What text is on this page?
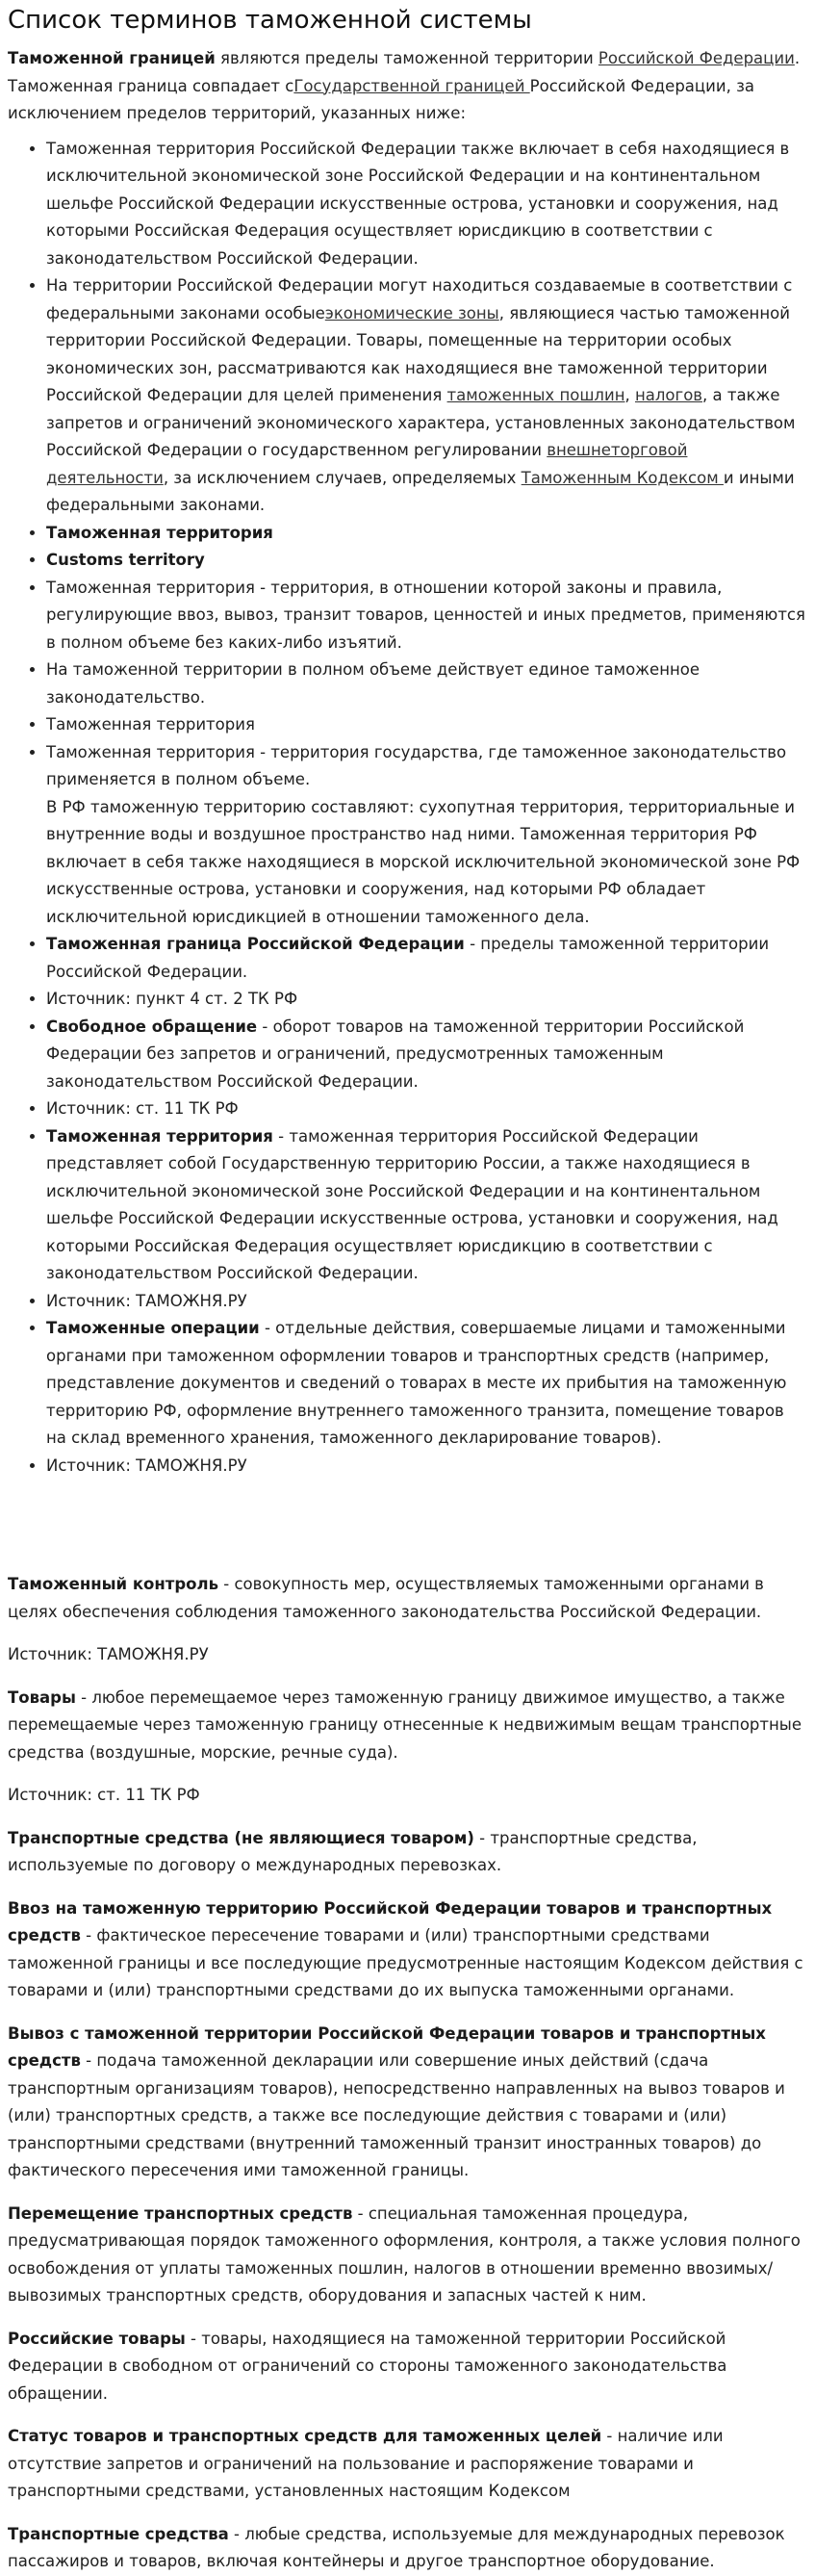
Список терминов таможенной системы

Таможенной границей являются пределы таможенной территории Российской Федерации. Таможенная граница совпадает сГосударственной границей Российской Федерации, за исключением пределов территорий, указанных ниже:

• Таможенная территория Российской Федерации также включает в себя находящиеся в исключительной экономической зоне Российской Федерации и на континентальном шельфе Российской Федерации искусственные острова, установки и сооружения, над которыми Российская Федерация осуществляет юрисдикцию в соответствии с законодательством Российской Федерации.
• На территории Российской Федерации могут находиться создаваемые в соответствии с федеральными законами особыеэкономические зоны, являющиеся частью таможенной территории Российской Федерации. Товары, помещенные на территории особых экономических зон, рассматриваются как находящиеся вне таможенной территории Российской Федерации для целей применения таможенных пошлин, налогов, а также запретов и ограничений экономического характера, установленных законодательством Российской Федерации о государственном регулировании внешнеторговой деятельности, за исключением случаев, определяемых Таможенным Кодексом и иными федеральными законами.
• Таможенная территория
• Customs territory
• Таможенная территория - территория, в отношении которой законы и правила, регулирующие ввоз, вывоз, транзит товаров, ценностей и иных предметов, применяются в полном объеме без каких-либо изъятий.
• На таможенной территории в полном объеме действует единое таможенное законодательство.
• Таможенная территория
• Таможенная территория - территория государства, где таможенное законодательство применяется в полном объеме.
В РФ таможенную территорию составляют: сухопутная территория, территориальные и внутренние воды и воздушное пространство над ними. Таможенная территория РФ включает в себя также находящиеся в морской исключительной экономической зоне РФ искусственные острова, установки и сооружения, над которыми РФ обладает исключительной юрисдикцией в отношении таможенного дела.
• Таможенная граница Российской Федерации - пределы таможенной территории Российской Федерации.
• Источник: пункт 4 ст. 2 ТК РФ
• Свободное обращение - оборот товаров на таможенной территории Российской Федерации без запретов и ограничений, предусмотренных таможенным законодательством Российской Федерации.
• Источник: ст. 11 ТК РФ
• Таможенная территория - таможенная территория Российской Федерации представляет собой Государственную территорию России, а также находящиеся в исключительной экономической зоне Российской Федерации и на континентальном шельфе Российской Федерации искусственные острова, установки и сооружения, над которыми Российская Федерация осуществляет юрисдикцию в соответствии с законодательством Российской Федерации.
• Источник: ТАМОЖНЯ.РУ
• Таможенные операции - отдельные действия, совершаемые лицами и таможенными органами при таможенном оформлении товаров и транспортных средств (например, представление документов и сведений о товарах в месте их прибытия на таможенную территорию РФ, оформление внутреннего таможенного транзита, помещение товаров на склад временного хранения, таможенного декларирование товаров).
• Источник: ТАМОЖНЯ.РУ

Таможенный контроль - совокупность мер, осуществляемых таможенными органами в целях обеспечения соблюдения таможенного законодательства Российской Федерации.

Источник: ТАМОЖНЯ.РУ

Товары - любое перемещаемое через таможенную границу движимое имущество, а также перемещаемые через таможенную границу отнесенные к недвижимым вещам транспортные средства (воздушные, морские, речные суда).

Источник: ст. 11 ТК РФ

Транспортные средства (не являющиеся товаром) - транспортные средства, используемые по договору о международных перевозках.

Ввоз на таможенную территорию Российской Федерации товаров и транспортных средств - фактическое пересечение товарами и (или) транспортными средствами таможенной границы и все последующие предусмотренные настоящим Кодексом действия с товарами и (или) транспортными средствами до их выпуска таможенными органами.

Вывоз с таможенной территории Российской Федерации товаров и транспортных средств - подача таможенной декларации или совершение иных действий (сдача транспортным организациям товаров), непосредственно направленных на вывоз товаров и (или) транспортных средств, а также все последующие действия с товарами и (или) транспортными средствами (внутренний таможенный транзит иностранных товаров) до фактического пересечения ими таможенной границы.

Перемещение транспортных средств - специальная таможенная процедура, предусматривающая порядок таможенного оформления, контроля, а также условия полного освобождения от уплаты таможенных пошлин, налогов в отношении временно ввозимых/вывозимых транспортных средств, оборудования и запасных частей к ним.

Российские товары - товары, находящиеся на таможенной территории Российской Федерации в свободном от ограничений со стороны таможенного законодательства обращении.

Статус товаров и транспортных средств для таможенных целей - наличие или отсутствие запретов и ограничений на пользование и распоряжение товарами и транспортными средствами, установленных настоящим Кодексом

Транспортные средства - любые средства, используемые для международных перевозок пассажиров и товаров, включая контейнеры и другое транспортное оборудование.
